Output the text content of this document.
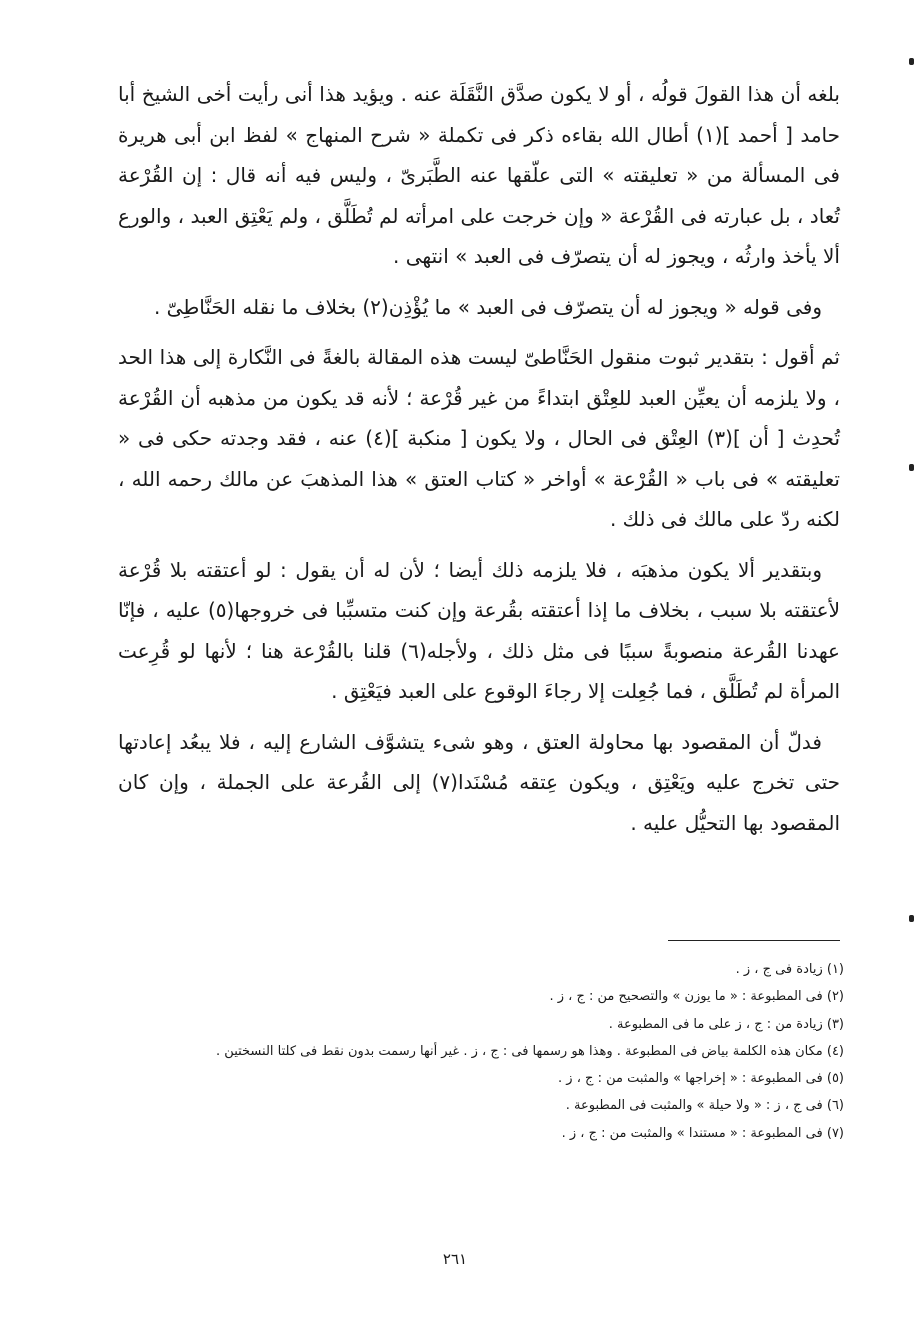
بلغه أن هذا القولَ قولُه ، أو لا يكون صدَّق النَّقَلَة عنه . ويؤيد هذا أنى رأيت أخى الشيخ أبا حامد [ أحمد ](١) أطال الله بقاءه ذكر فى تكملة « شرح المنهاج » لفظ ابن أبى هريرة فى المسألة من « تعليقته » التى علّقها عنه الطَّبَرىّ ، وليس فيه أنه قال : إن القُرْعة تُعاد ، بل عبارته فى القُرْعة « وإن خرجت على امرأته لم تُطَلَّق ، ولم يَعْتِق العبد ، والورع ألا يأخذ وارثُه ، ويجوز له أن يتصرّف فى العبد » انتهى .

وفى قوله « ويجوز له أن يتصرّف فى العبد » ما يُؤْذِن(٢) بخلاف ما نقله الحَنَّاطِىّ .

ثم أقول : بتقدير ثبوت منقول الحَنَّاطىّ ليست هذه المقالة بالغةً فى النَّكارة إلى هذا الحد ، ولا يلزمه أن يعيِّن العبد للعِتْق ابتداءً من غير قُرْعة ؛ لأنه قد يكون من مذهبه أن القُرْعة تُحدِث [ أن ](٣) العِتْق فى الحال ، ولا يكون [ منكبة ](٤) عنه ، فقد وجدته حكى فى « تعليقته » فى باب « القُرْعة » أواخر « كتاب العتق » هذا المذهبَ عن مالك رحمه الله ، لكنه ردّ على مالك فى ذلك .

وبتقدير ألا يكون مذهبَه ، فلا يلزمه ذلك أيضا ؛ لأن له أن يقول : لو أعتقته بلا قُرْعة لأعتقته بلا سبب ، بخلاف ما إذا أعتقته بقُرعة وإن كنت متسبِّبا فى خروجها(٥) عليه ، فإنّا عهدنا القُرعة منصوبةً سببًا فى مثل ذلك ، ولأجله(٦) قلنا بالقُرْعة هنا ؛ لأنها لو قُرِعت المرأة لم تُطَلَّق ، فما جُعِلت إلا رجاءَ الوقوع على العبد فيَعْتِق .

فدلّ أن المقصود بها محاولة العتق ، وهو شىء يتشوَّف الشارع إليه ، فلا يبعُد إعادتها حتى تخرج عليه ويَعْتِق ، ويكون عِتقه مُسْنَدا(٧) إلى القُرعة على الجملة ، وإن كان المقصود بها التحيُّل عليه .

(١) زيادة فى ج ، ز .
(٢) فى المطبوعة : « ما يوزن » والتصحيح من : ج ، ز .
(٣) زيادة من : ج ، ز على ما فى المطبوعة .
(٤) مكان هذه الكلمة بياض فى المطبوعة . وهذا هو رسمها فى : ج ، ز . غير أنها رسمت بدون نقط فى كلتا النسختين .
(٥) فى المطبوعة : « إخراجها » والمثبت من : ج ، ز .
(٦) فى ج ، ز : « ولا حيلة » والمثبت فى المطبوعة .
(٧) فى المطبوعة : « مستندا » والمثبت من : ج ، ز .
٢٦١
